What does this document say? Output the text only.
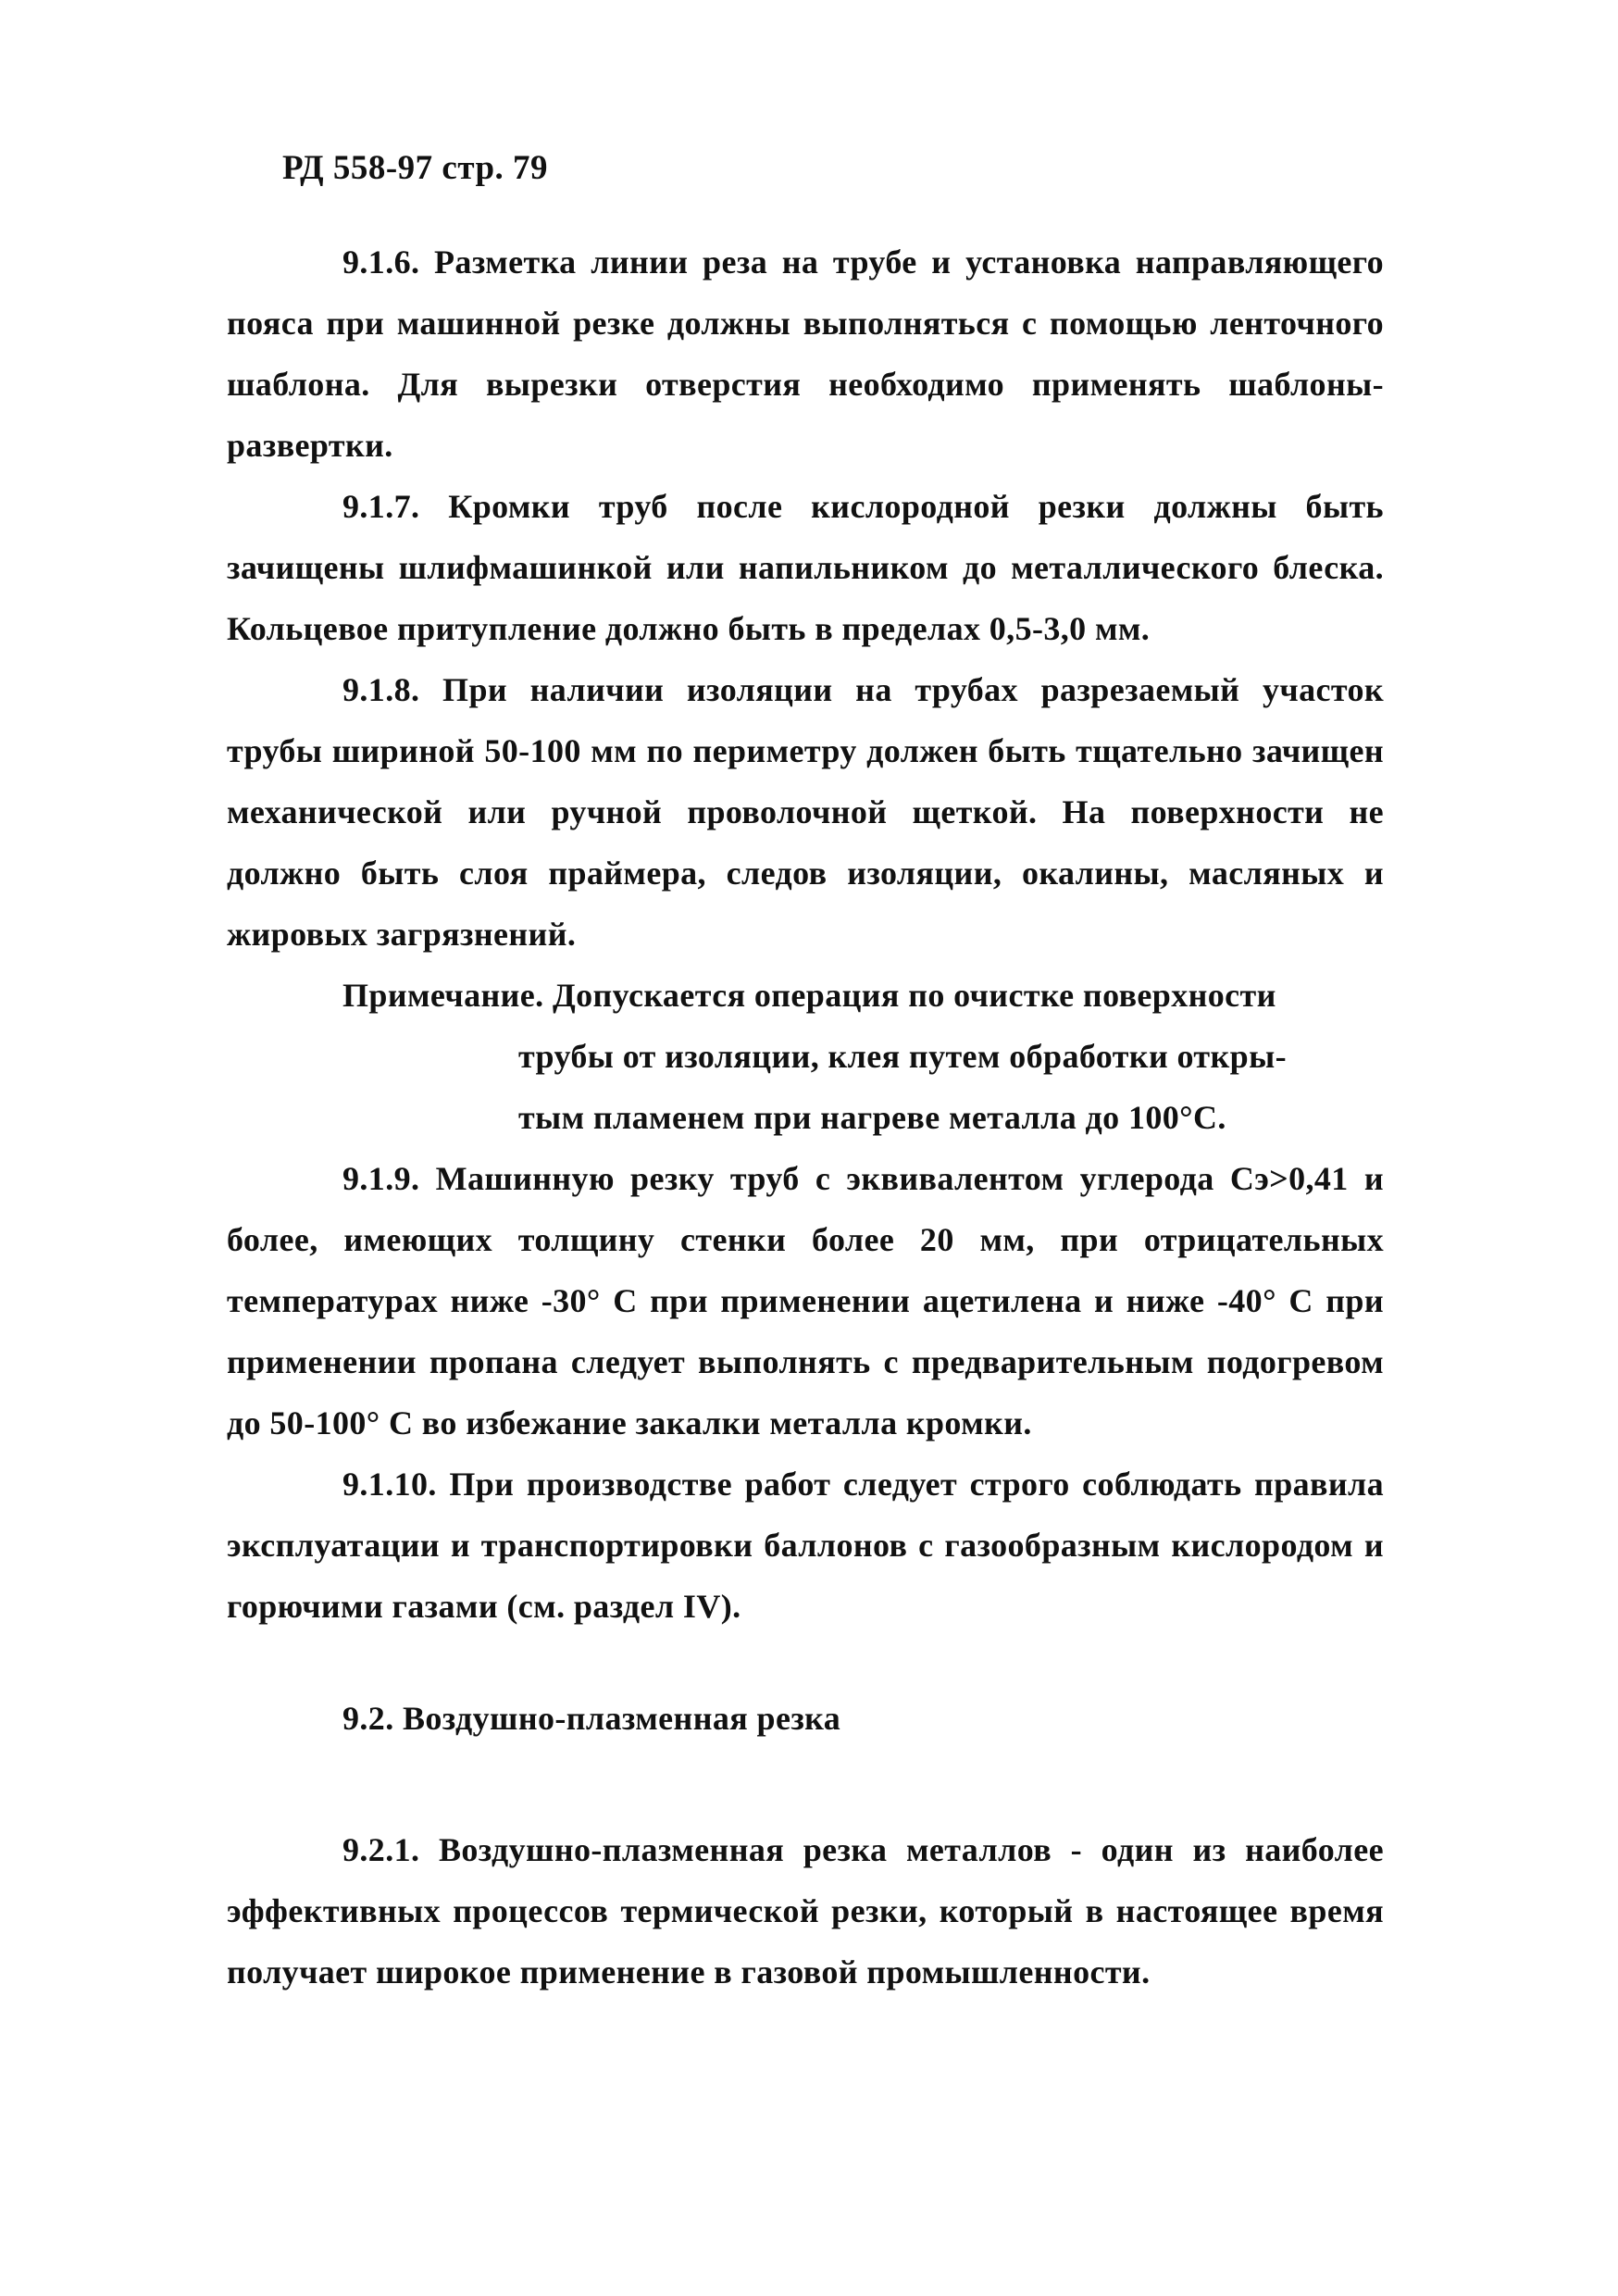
РД 558-97 стр. 79
9.1.6. Разметка линии реза на трубе и установка направляющего пояса при машинной резке должны выполняться с помощью ленточного шаблона. Для вырезки отверстия необходимо применять шаблоны-развертки.
9.1.7. Кромки труб после кислородной резки должны быть зачищены шлифмашинкой или напильником до металлического блеска. Кольцевое притупление должно быть в пределах 0,5-3,0 мм.
9.1.8. При наличии изоляции на трубах разрезаемый участок трубы шириной 50-100 мм по периметру должен быть тщательно зачищен механической или ручной проволочной щеткой. На поверхности не должно быть слоя праймера, следов изоляции, окалины, масляных и жировых загрязнений.
Примечание. Допускается операция по очистке поверхности
трубы от изоляции, клея путем обработки откры-
тым пламенем при нагреве металла до 100°C.
9.1.9. Машинную резку труб с эквивалентом углерода Cэ>0,41 и более, имеющих толщину стенки более 20 мм, при отрицательных температурах ниже -30° C при применении ацетилена и ниже -40° C при применении пропана следует выполнять с предварительным подогревом до 50-100° C во избежание закалки металла кромки.
9.1.10. При производстве работ следует строго соблюдать правила эксплуатации и транспортировки баллонов с газообразным кислородом и горючими газами (см. раздел IV).
9.2. Воздушно-плазменная резка
9.2.1. Воздушно-плазменная резка металлов - один из наиболее эффективных процессов термической резки, который в настоящее время получает широкое применение в газовой промышленности.
